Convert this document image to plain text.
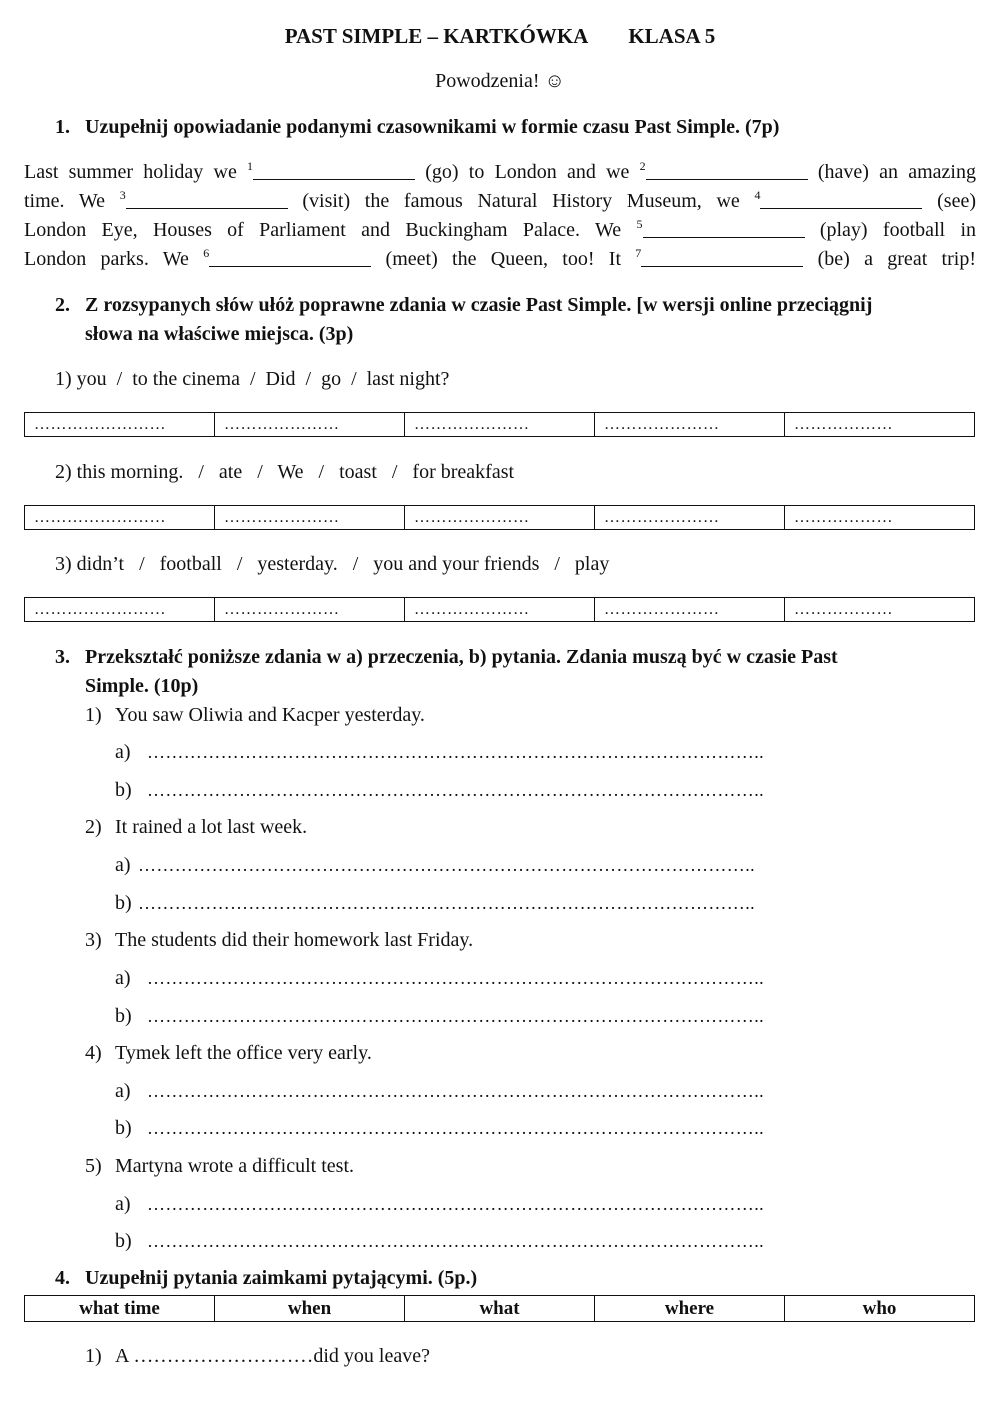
PAST SIMPLE – KARTKÓWKA KLASA 5
Powodzenia! ☺
1. Uzupełnij opowiadanie podanymi czasownikami w formie czasu Past Simple. (7p)
Last summer holiday we $^1$	(go) to London and we $^2$	(have) an amazing
time. We $^3$	(visit) the famous Natural History Museum, we $^4$	(see)
London Eye, Houses of Parliament and Buckingham Palace. We $^5$	(play) football in
London parks. We $^6$	(meet) the Queen, too! It $^7$	(be) a great trip!
2. Z rozsypanych słów ułóż poprawne zdania w czasie Past Simple. [w wersji online przeciągnij
słowa na właściwe miejsca. (3p)
1) you  /  to the cinema  /  Did  /  go  /  last night?
……………………	…………………	…………………	…………………	………………
2) this morning.   /   ate   /   We   /   toast   /   for breakfast
……………………	…………………	…………………	…………………	………………
3) didn’t   /   football   /   yesterday.   /   you and your friends   /   play
……………………	…………………	…………………	…………………	………………
3. Przekształć poniższe zdania w a) przeczenia, b) pytania. Zdania muszą być w czasie Past
Simple. (10p)
1) You saw Oliwia and Kacper yesterday.
a) ………………………………………………………………………………………..
b) ………………………………………………………………………………………..
2) It rained a lot last week.
a) ………………………………………………………………………………………..
b) ………………………………………………………………………………………..
3) The students did their homework last Friday.
a) ………………………………………………………………………………………..
b) ………………………………………………………………………………………..
4) Tymek left the office very early.
a) ………………………………………………………………………………………..
b) ………………………………………………………………………………………..
5) Martyna wrote a difficult test.
a) ………………………………………………………………………………………..
b) ………………………………………………………………………………………..
4. Uzupełnij pytania zaimkami pytającymi. (5p.)
what time	when	what	where	who
1) A ………………………did you leave?
